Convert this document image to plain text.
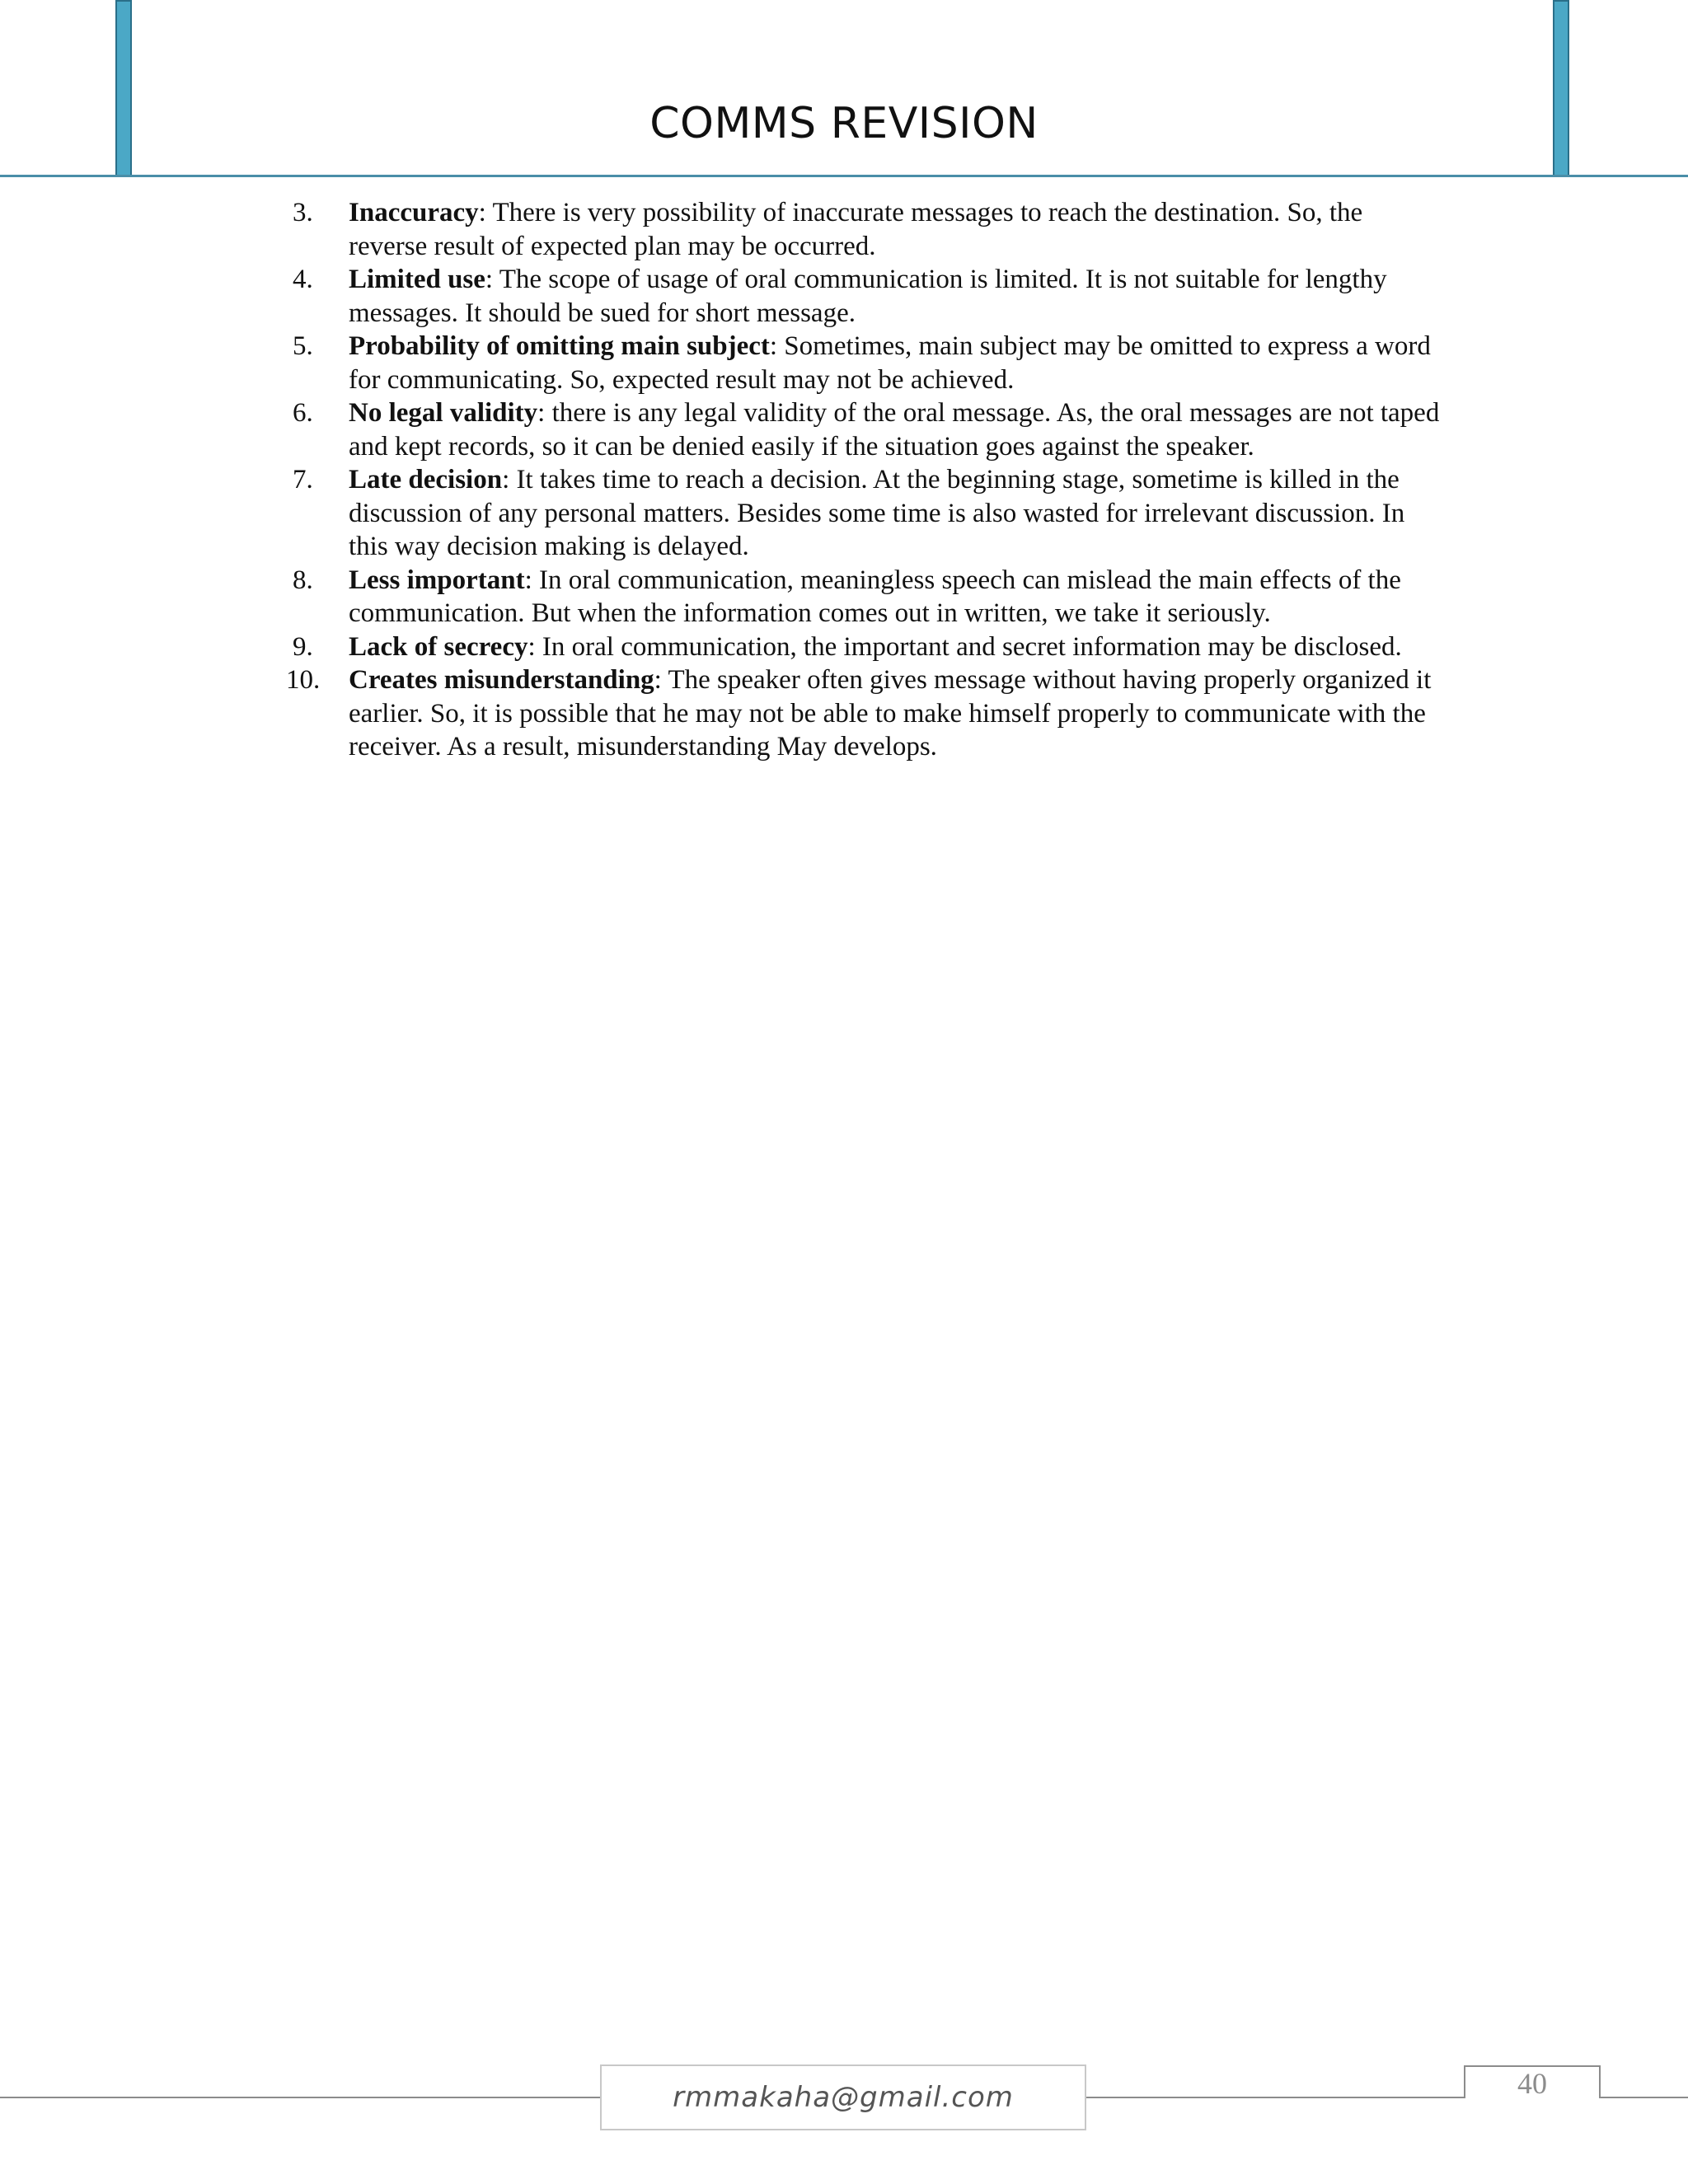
COMMS REVISION

3.	Inaccuracy: There is very possibility of inaccurate messages to reach the destination. So, the reverse result of expected plan may be occurred.

4.	Limited use: The scope of usage of oral communication is limited. It is not suitable for lengthy messages. It should be sued for short message.

5.	Probability of omitting main subject: Sometimes, main subject may be omitted to express a word for communicating. So, expected result may not be achieved.

6.	No legal validity: there is any legal validity of the oral message. As, the oral messages are not taped and kept records, so it can be denied easily if the situation goes against the speaker.

7.	Late decision: It takes time to reach a decision. At the beginning stage, sometime is killed in the discussion of any personal matters. Besides some time is also wasted for irrelevant discussion. In this way decision making is delayed.

8.	Less important: In oral communication, meaningless speech can mislead the main effects of the communication. But when the information comes out in written, we take it seriously.

9.	Lack of secrecy: In oral communication, the important and secret information may be disclosed.

10.	Creates misunderstanding: The speaker often gives message without having properly organized it earlier. So, it is possible that he may not be able to make himself properly to communicate with the receiver. As a result, misunderstanding May develops.

rmmakaha@gmail.com	40
